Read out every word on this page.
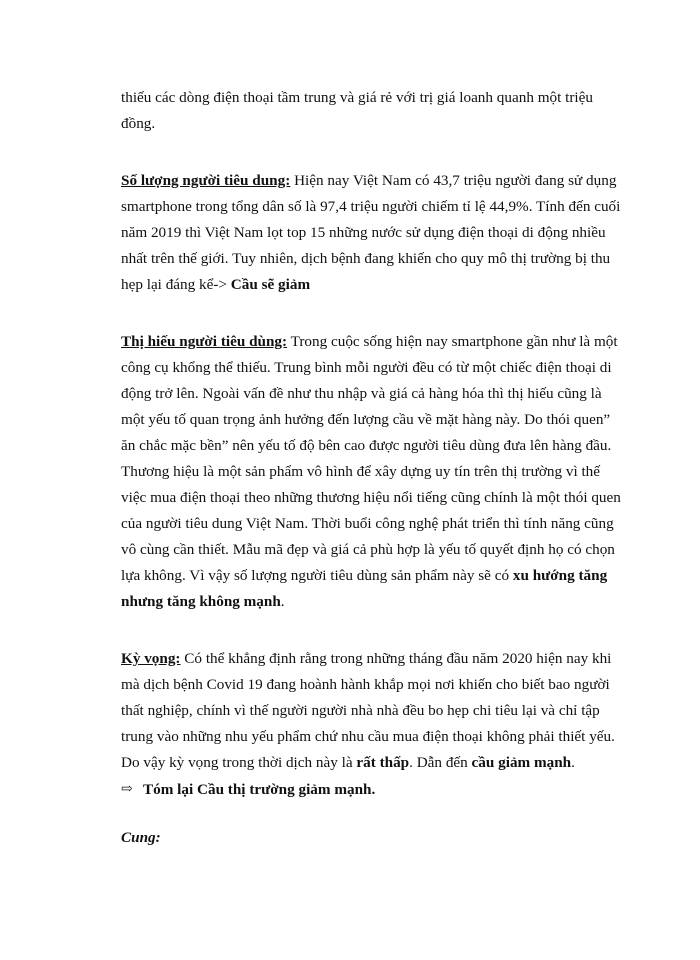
thiếu các dòng điện thoại tầm trung và giá rẻ với trị giá loanh quanh một triệu đồng.

Số lượng người tiêu dung: Hiện nay Việt Nam có 43,7 triệu người đang sử dụng smartphone trong tổng dân số là 97,4 triệu người chiếm tỉ lệ 44,9%. Tính đến cuối năm 2019 thì Việt Nam lọt top 15 những nước sử dụng điện thoại di động nhiều nhất trên thế giới. Tuy nhiên, dịch bệnh đang khiến cho quy mô thị trường bị thu hẹp lại đáng kể-> Cầu sẽ giảm

Thị hiếu người tiêu dùng: Trong cuộc sống hiện nay smartphone gần như là một công cụ khổng thể thiếu. Trung bình mỗi người đều có từ một chiếc điện thoại di động trở lên. Ngoài vấn đề như thu nhập và giá cả hàng hóa thì thị hiếu cũng là một yếu tố quan trọng ảnh hưởng đến lượng cầu về mặt hàng này. Do thói quen” ăn chắc mặc bền” nên yếu tố độ bên cao được người tiêu dùng đưa lên hàng đầu. Thương hiệu là một sản phẩm vô hình để xây dựng uy tín trên thị trường vì thế việc mua điện thoại theo những thương hiệu nổi tiếng cũng chính là một thói quen của người tiêu dung Việt Nam. Thời buổi công nghệ phát triển thì tính năng cũng vô cùng cần thiết. Mẫu mã đẹp và giá cả phù hợp là yếu tố quyết định họ có chọn lựa không. Vì vậy số lượng người tiêu dùng sản phẩm này sẽ có xu hướng tăng nhưng tăng không mạnh.

Kỳ vọng: Có thể khẳng định rằng trong những tháng đầu năm 2020 hiện nay khi mà dịch bệnh Covid 19 đang hoành hành khắp mọi nơi khiến cho biết bao người thất nghiệp, chính vì thế người người nhà nhà đều bo hẹp chi tiêu lại và chỉ tập trung vào những nhu yếu phẩm chứ nhu cầu mua điện thoại không phải thiết yếu. Do vậy kỳ vọng trong thời dịch này là rất thấp. Dẫn đến cầu giảm mạnh.

⇨ Tóm lại Cầu thị trường giảm mạnh.
Cung:
